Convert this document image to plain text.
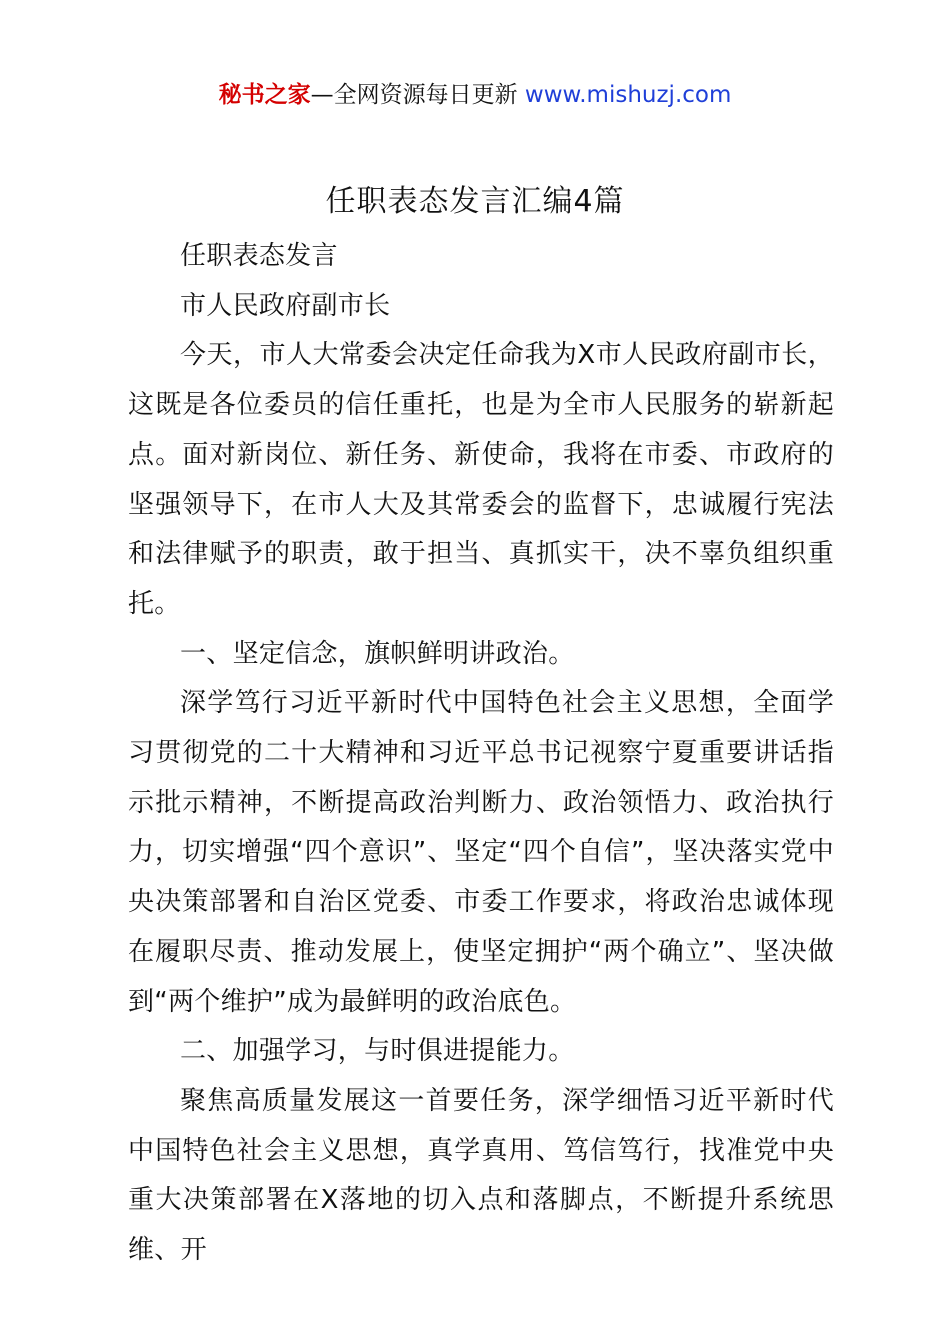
秘书之家—全网资源每日更新 www.mishuzj.com
任职表态发言汇编4篇

任职表态发言

市人民政府副市长

今天，市人大常委会决定任命我为X市人民政府副市长，这既是各位委员的信任重托，也是为全市人民服务的崭新起点。面对新岗位、新任务、新使命，我将在市委、市政府的坚强领导下，在市人大及其常委会的监督下，忠诚履行宪法和法律赋予的职责，敢于担当、真抓实干，决不辜负组织重托。

一、坚定信念，旗帜鲜明讲政治。

深学笃行习近平新时代中国特色社会主义思想，全面学习贯彻党的二十大精神和习近平总书记视察宁夏重要讲话指示批示精神，不断提高政治判断力、政治领悟力、政治执行力，切实增强“四个意识”、坚定“四个自信”，坚决落实党中央决策部署和自治区党委、市委工作要求，将政治忠诚体现在履职尽责、推动发展上，使坚定拥护“两个确立”、坚决做到“两个维护”成为最鲜明的政治底色。

二、加强学习，与时俱进提能力。

聚焦高质量发展这一首要任务，深学细悟习近平新时代中国特色社会主义思想，真学真用、笃信笃行，找准党中央重大决策部署在X落地的切入点和落脚点，不断提升系统思维、开
